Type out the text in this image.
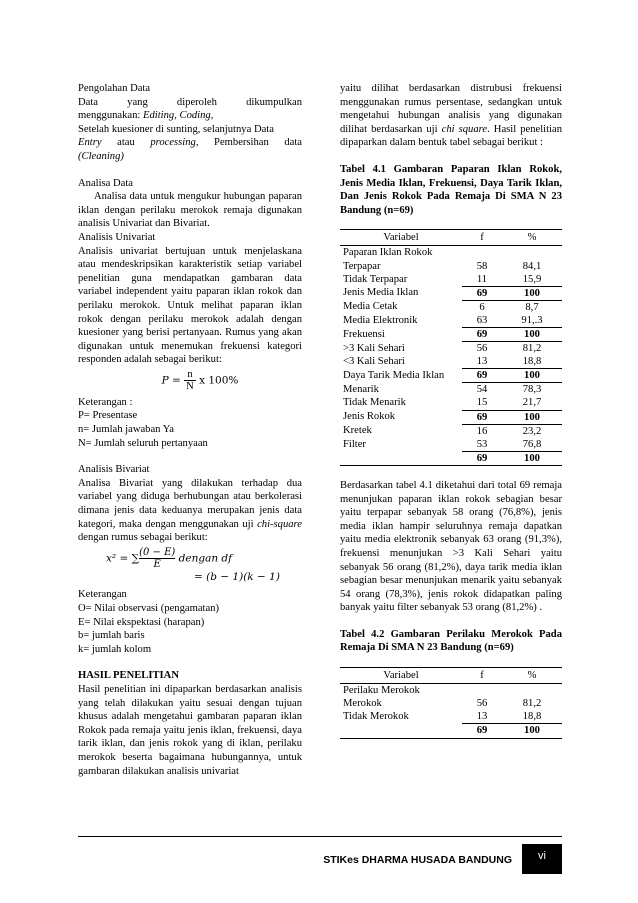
Pengolahan Data

Data yang diperoleh dikumpulkan

menggunakan: Editing, Coding,

Setelah kuesioner di sunting, selanjutnya Data

Entry atau processing, Pembersihan data

(Cleaning)

Analisa Data

Analisa data untuk mengukur hubungan paparan iklan dengan perilaku merokok remaja digunakan analisis Univariat dan Bivariat.

Analisis Univariat

Analisis univariat bertujuan untuk menjelaskana atau mendeskripsikan karakteristik setiap variabel penelitian guna mendapatkan gambaran data variabel independent yaitu paparan iklan rokok dan perilaku merokok. Untuk melihat paparan iklan rokok dengan perilaku merokok adalah dengan kuesioner yang berisi pertanyaan. Rumus yang akan digunakan untuk menemukan frekuensi kategori responden adalah sebagai berikut:

$P = \frac{n}{N}$ x 100%

Keterangan :

P= Presentase

n= Jumlah jawaban Ya

N= Jumlah seluruh pertanyaan

Analisis Bivariat

Analisa Bivariat yang dilakukan terhadap dua variabel yang diduga berhubungan atau berkolerasi dimana jenis data keduanya merupakan jenis data kategori, maka dengan menggunakan uji chi-square dengan rumus sebagai berikut:

x² = ∑ $\frac{(0 - E)}{E}$ dengan df
= (b − 1)(k − 1)

Keterangan

O= Nilai observasi (pengamatan)

E= Nilai ekspektasi (harapan)

b= jumlah baris

k= jumlah kolom

HASIL PENELITIAN

Hasil penelitian ini dipaparkan berdasarkan analisis yang telah dilakukan yaitu sesuai dengan tujuan khusus adalah mengetahui gambaran paparan iklan Rokok pada remaja yaitu jenis iklan, frekuensi, daya tarik iklan, dan jenis rokok yang di iklan, perilaku merokok beserta bagaimana hubungannya, untuk gambaran dilakukan analisis univariat

yaitu dilihat berdasarkan distrubusi frekuensi menggunakan rumus persentase, sedangkan untuk mengetahui hubungan analisis yang digunakan dilihat berdasarkan uji chi square. Hasil penelitian dipaparkan dalam bentuk tabel sebagai berikut :

Tabel 4.1 Gambaran Paparan Iklan Rokok, Jenis Media Iklan, Frekuensi, Daya Tarik Iklan, Dan Jenis Rokok Pada Remaja Di SMA N 23 Bandung (n=69)

Variabel	f	%
Paparan Iklan Rokok		
Terpapar	58	84,1
Tidak Terpapar	11	15,9
Jenis Media Iklan	69	100
Media Cetak	6	8,7
Media Elektronik	63	91,.3
Frekuensi	69	100
>3 Kali Sehari	56	81,2
<3 Kali Sehari	13	18,8
Daya Tarik Media Iklan	69	100
Menarik	54	78,3
Tidak Menarik	15	21,7
Jenis Rokok	69	100
Kretek	16	23,2
Filter	53	76,8
	69	100

Berdasarkan tabel 4.1 diketahui dari total 69 remaja menunjukan paparan iklan rokok sebagian besar yaitu terpapar sebanyak 58 orang (76,8%), jenis media iklan hampir seluruhnya remaja dapatkan yaitu media elektronik sebanyak 63 orang (91,3%), frekuensi menunjukan >3 Kali Sehari yaitu sebanyak 56 orang (81,2%), daya tarik media iklan sebagian besar menunjukan menarik yaitu sebanyak 54 orang (78,3%), jenis rokok didapatkan paling banyak yaitu filter sebanyak 53 orang (81,2%) .

Tabel 4.2 Gambaran Perilaku Merokok Pada Remaja Di SMA N 23 Bandung (n=69)

Variabel	f	%
Perilaku Merokok		
Merokok	56	81,2
Tidak Merokok	13	18,8
	69	100
STIKes DHARMA HUSADA BANDUNG	vi
